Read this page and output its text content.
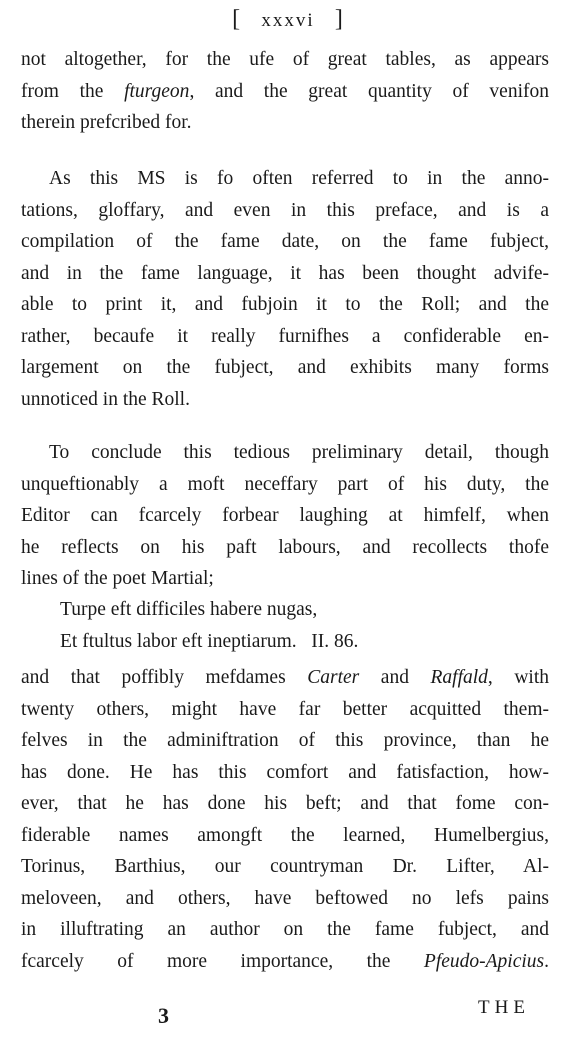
[ xxxvi ]

not altogether, for the ufe of great tables, as appears
from the fturgeon, and the great quantity of venifon
therein prefcribed for.

As this MS is fo often referred to in the anno-
tations, gloffary, and even in this preface, and is a
compilation of the fame date, on the fame fubject,
and in the fame language, it has been thought advife-
able to print it, and fubjoin it to the Roll; and the
rather, becaufe it really furnifhes a confiderable en-
largement on the fubject, and exhibits many forms
unnoticed in the Roll.

To conclude this tedious preliminary detail, though
unqueftionably a moft neceffary part of his duty, the
Editor can fcarcely forbear laughing at himfelf, when
he reflects on his paft labours, and recollects thofe
lines of the poet Martial;

Turpe eft difficiles habere nugas,
Et ftultus labor eft ineptiarum.   II. 86.

and that poffibly mefdames Carter and Raffald, with
twenty others, might have far better acquitted them-
felves in the adminiftration of this province, than he
has done. He has this comfort and fatisfaction, how-
ever, that he has done his beft; and that fome con-
fiderable names amongft the learned, Humelbergius,
Torinus, Barthius, our countryman Dr. Lifter, Al-
meloveen, and others, have beftowed no lefs pains
in illuftrating an author on the fame fubject, and
fcarcely of more importance, the Pfeudo-Apicius.

3	THE
